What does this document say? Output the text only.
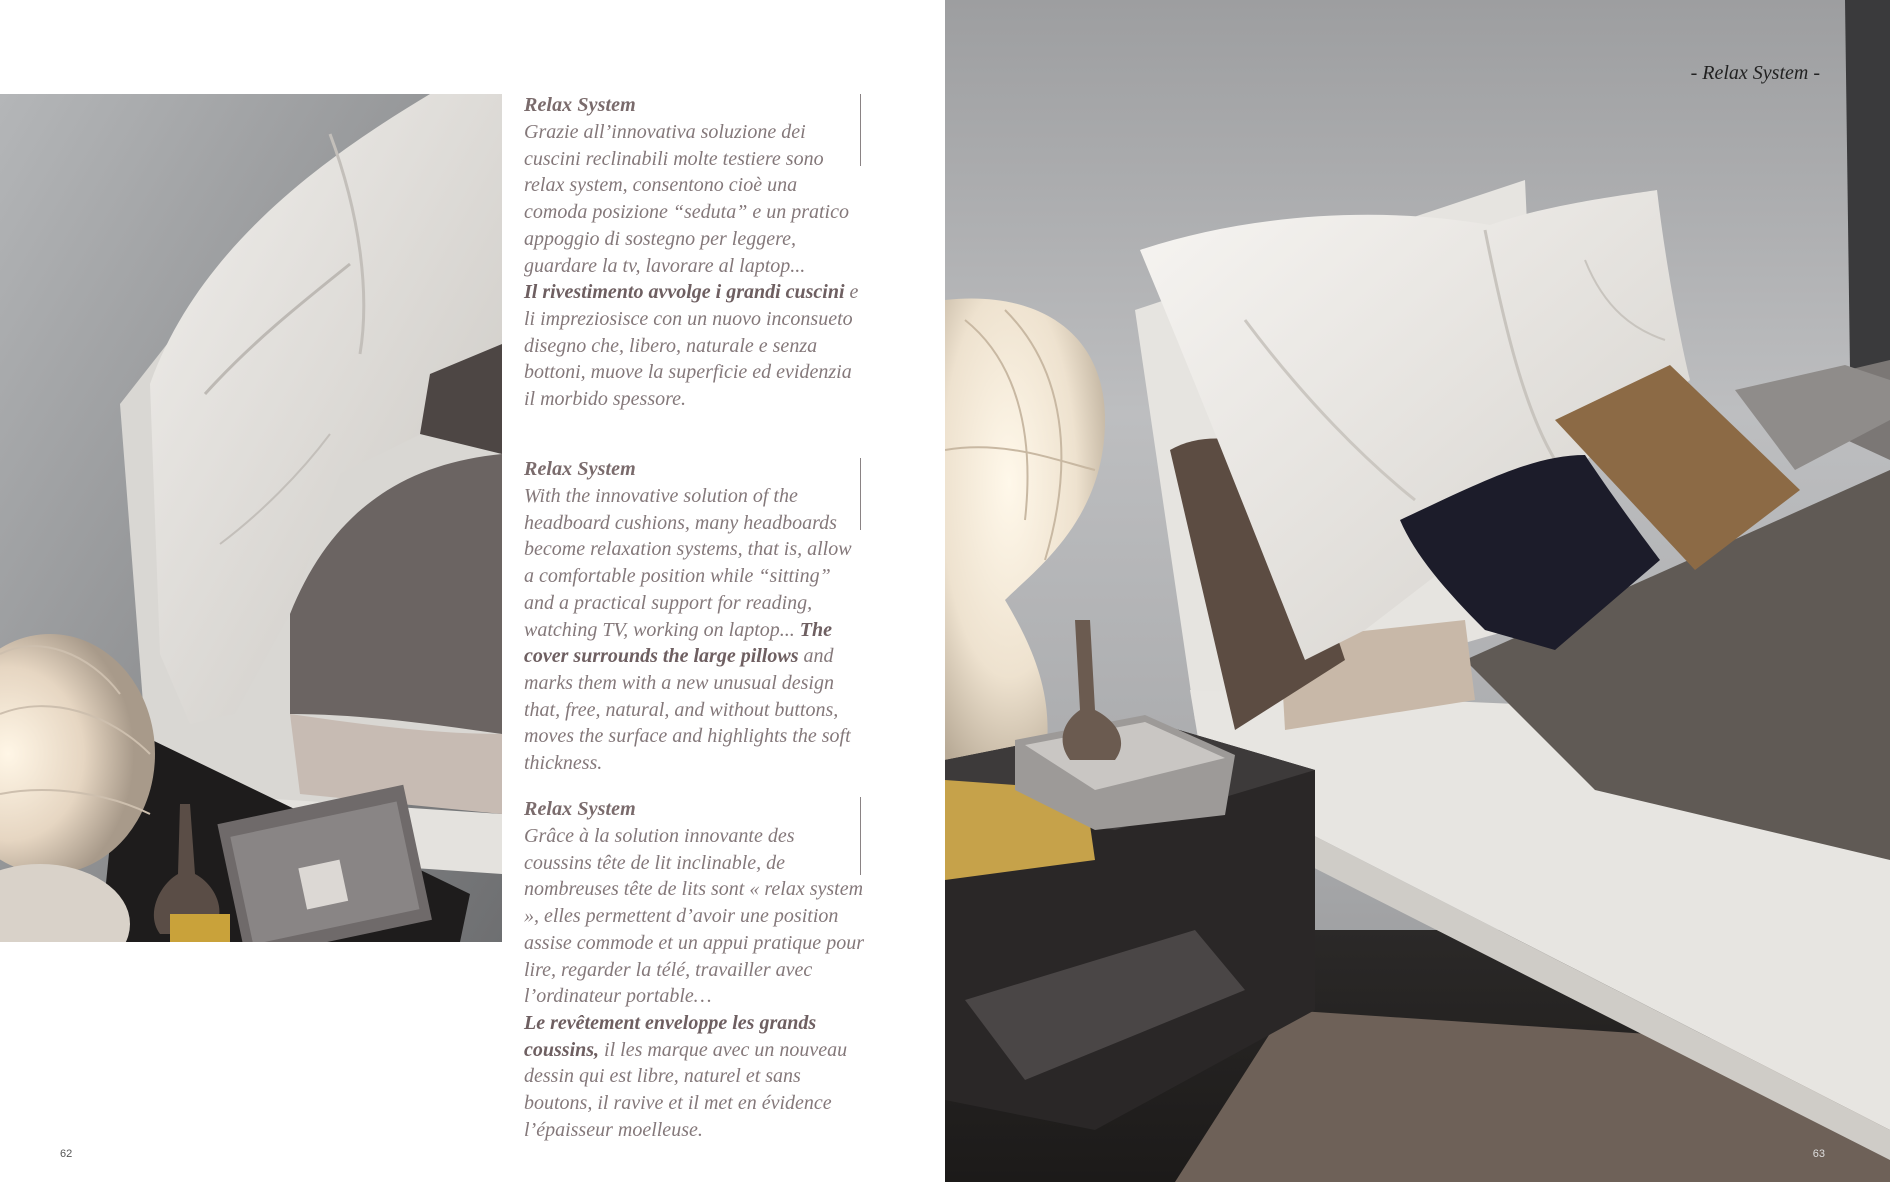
Relax System

Grazie all’innovativa soluzione dei cuscini reclinabili molte testiere sono relax system, consentono cioè una comoda posizione “seduta” e un pratico appoggio di sostegno per leggere, guardare la tv, lavorare al laptop...
Il rivestimento avvolge i grandi cuscini e li impreziosisce con un nuovo inconsueto disegno che, libero, naturale e senza bottoni, muove la superficie ed evidenzia il morbido spessore.

Relax System

With the innovative solution of the headboard cushions, many headboards become relaxation systems, that is, allow a comfortable position while “sitting” and a practical support for reading, watching TV, working on laptop... The cover surrounds the large pillows and marks them with a new unusual design that, free, natural, and without buttons, moves the surface and highlights the soft thickness.

Relax System

Grâce à la solution innovante des coussins tête de lit inclinable, de nombreuses tête de lits sont « relax system », elles permettent d’avoir une position assise commode et un appui pratique pour lire, regarder la télé, travailler avec l’ordinateur portable…
Le revêtement enveloppe les grands coussins, il les marque avec un nouveau dessin qui est libre, naturel et sans boutons, il ravive et il met en évidence l’épaisseur moelleuse.

62
- Relax System -
63
